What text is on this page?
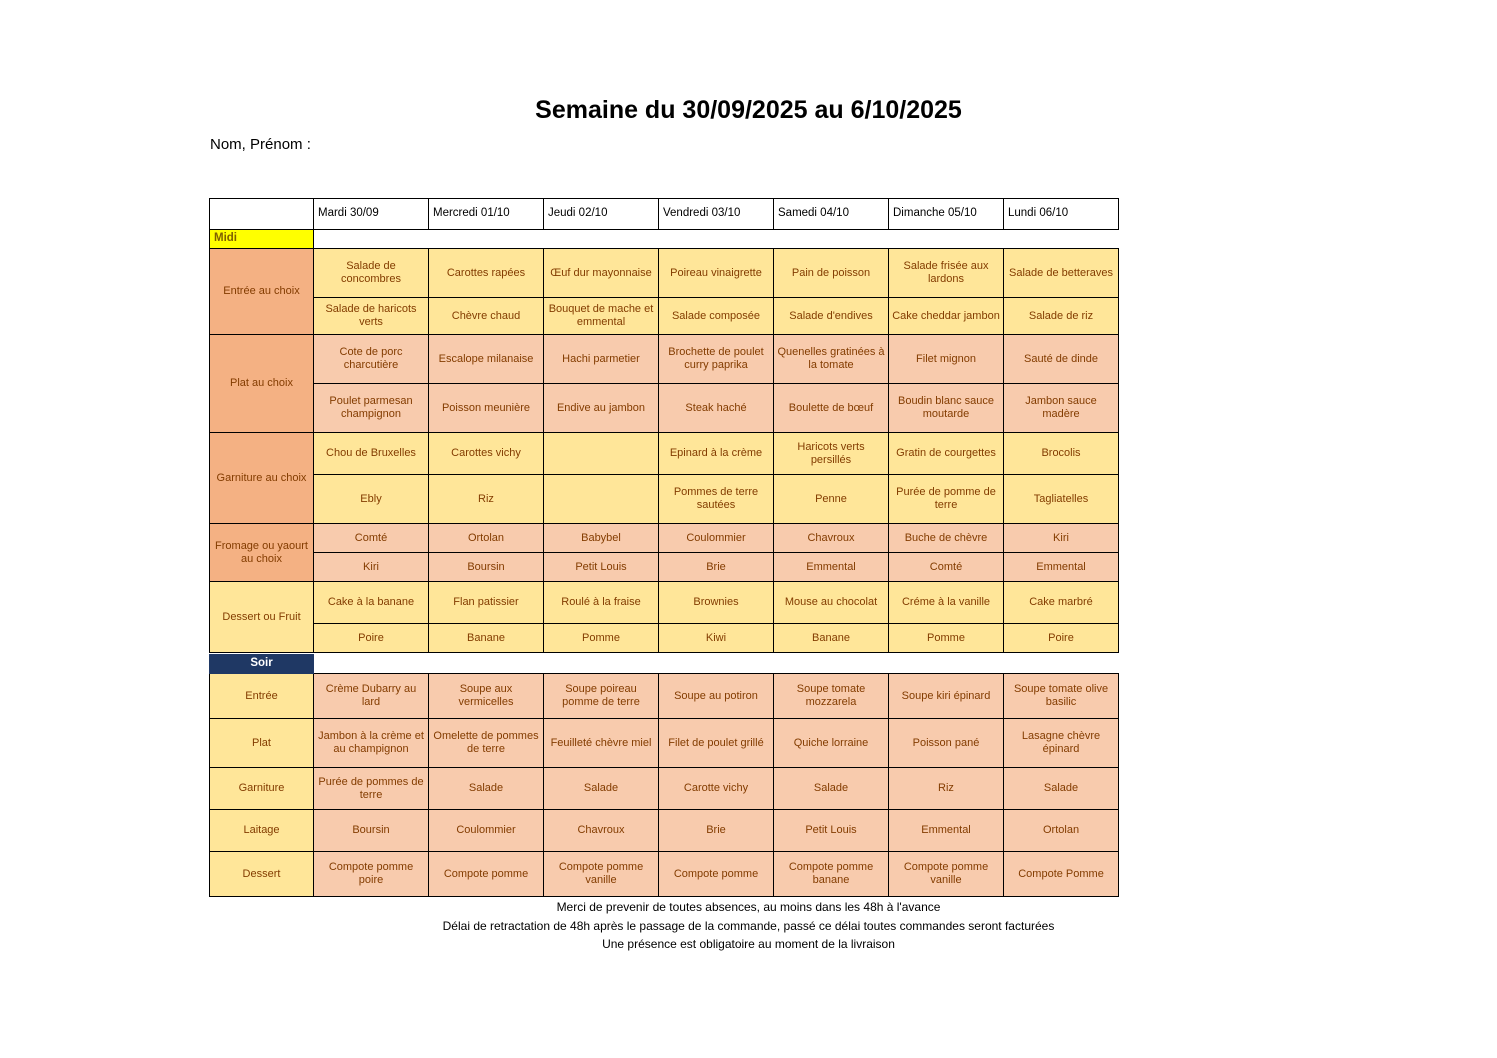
Semaine du 30/09/2025 au 6/10/2025
Nom, Prénom :
	Mardi 30/09	Mercredi 01/10	Jeudi 02/10	Vendredi 03/10	Samedi 04/10	Dimanche 05/10	Lundi 06/10
Midi							
Entrée au choix	Salade de concombres	Carottes rapées	Œuf dur mayonnaise	Poireau vinaigrette	Pain de poisson	Salade frisée aux lardons	Salade de betteraves
	Salade de haricots verts	Chèvre chaud	Bouquet de mache et emmental	Salade composée	Salade d'endives	Cake cheddar jambon	Salade de riz
Plat au choix	Cote de porc charcutière	Escalope milanaise	Hachi parmetier	Brochette de poulet curry paprika	Quenelles gratinées à la tomate	Filet mignon	Sauté de dinde
	Poulet parmesan champignon	Poisson meunière	Endive au jambon	Steak haché	Boulette de bœuf	Boudin blanc sauce moutarde	Jambon sauce madère
Garniture au choix	Chou de Bruxelles	Carottes vichy		Epinard à la crème	Haricots verts persillés	Gratin de courgettes	Brocolis
	Ebly	Riz		Pommes de terre sautées	Penne	Purée de pomme de terre	Tagliatelles
Fromage ou yaourt au choix	Comté	Ortolan	Babybel	Coulommier	Chavroux	Buche de chèvre	Kiri
	Kiri	Boursin	Petit Louis	Brie	Emmental	Comté	Emmental
Dessert ou Fruit	Cake à la banane	Flan patissier	Roulé à la fraise	Brownies	Mouse au chocolat	Créme à la vanille	Cake marbré
	Poire	Banane	Pomme	Kiwi	Banane	Pomme	Poire
Soir							
Entrée	Crème Dubarry au lard	Soupe aux vermicelles	Soupe poireau pomme de terre	Soupe au potiron	Soupe tomate mozzarela	Soupe kiri épinard	Soupe tomate olive basilic
Plat	Jambon à la crème et au champignon	Omelette de pommes de terre	Feuilleté chèvre miel	Filet de poulet grillé	Quiche lorraine	Poisson pané	Lasagne chèvre épinard
Garniture	Purée de pommes de terre	Salade	Salade	Carotte vichy	Salade	Riz	Salade
Laitage	Boursin	Coulommier	Chavroux	Brie	Petit Louis	Emmental	Ortolan
Dessert	Compote pomme poire	Compote pomme	Compote pomme vanille	Compote pomme	Compote pomme banane	Compote pomme vanille	Compote Pomme
Merci de prevenir de toutes absences, au moins dans les 48h à l'avance
Délai de retractation de 48h après le passage de la commande, passé ce délai toutes commandes seront facturées
Une présence est obligatoire au moment de la livraison
